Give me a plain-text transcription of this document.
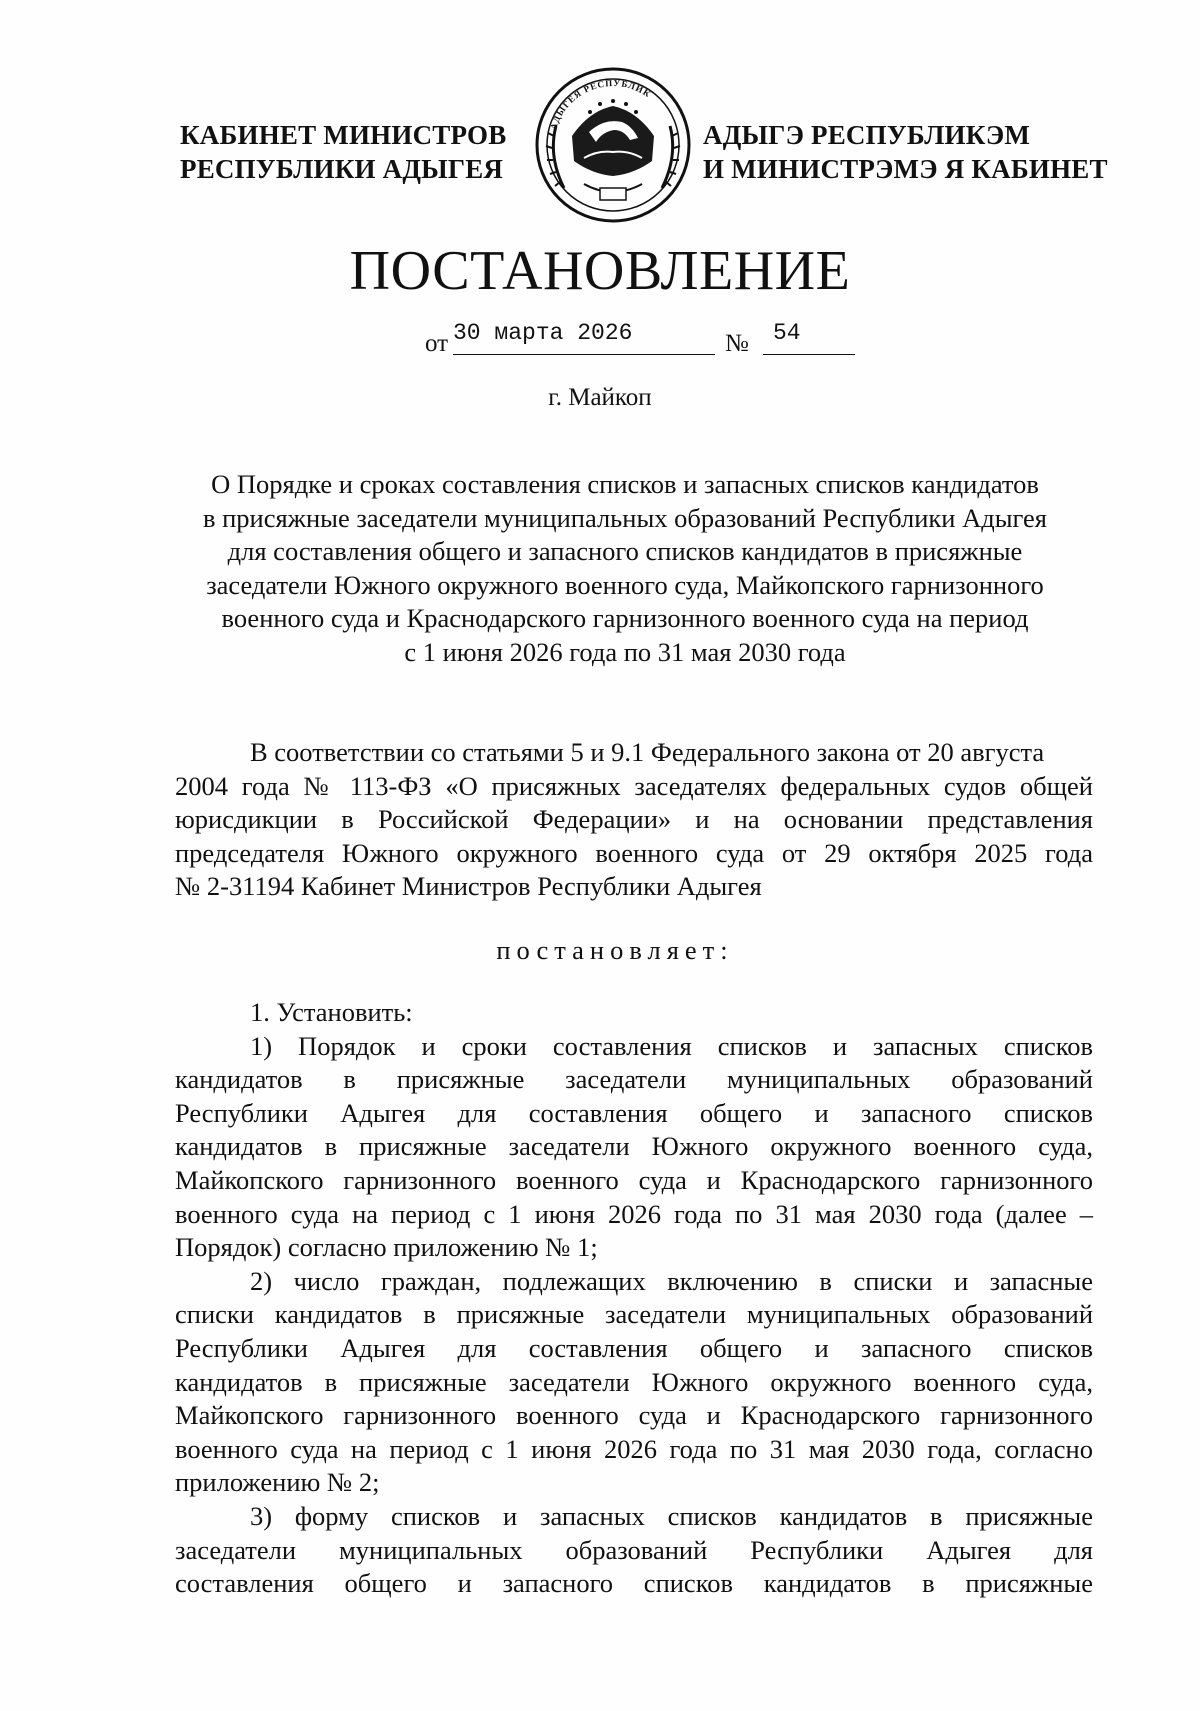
КАБИНЕТ МИНИСТРОВ
РЕСПУБЛИКИ АДЫГЕЯ
АДЫГЕЯ РЕСПУБЛИК
АДЫГЭ РЕСПУБЛИКЭМ
И МИНИСТРЭМЭ Я КАБИНЕТ
ПОСТАНОВЛЕНИЕ
от 30 марта 2026	№ 54
г. Майкоп
О Порядке и сроках составления списков и запасных списков кандидатов
в присяжные заседатели муниципальных образований Республики Адыгея
для составления общего и запасного списков кандидатов в присяжные
заседатели Южного окружного военного суда, Майкопского гарнизонного
военного суда и Краснодарского гарнизонного военного суда на период
с 1 июня 2026 года по 31 мая 2030 года
В соответствии со статьями 5 и 9.1 Федерального закона от 20 августа
2004 года № 113-ФЗ «О присяжных заседателях федеральных судов общей
юрисдикции в Российской Федерации» и на основании представления
председателя Южного окружного военного суда от 29 октября 2025 года
№ 2-31194 Кабинет Министров Республики Адыгея
постановляет:
1. Установить:
1) Порядок и сроки составления списков и запасных списков
кандидатов в присяжные заседатели муниципальных образований
Республики Адыгея для составления общего и запасного списков
кандидатов в присяжные заседатели Южного окружного военного суда,
Майкопского гарнизонного военного суда и Краснодарского гарнизонного
военного суда на период с 1 июня 2026 года по 31 мая 2030 года (далее –
Порядок) согласно приложению № 1;
2) число граждан, подлежащих включению в списки и запасные
списки кандидатов в присяжные заседатели муниципальных образований
Республики Адыгея для составления общего и запасного списков
кандидатов в присяжные заседатели Южного окружного военного суда,
Майкопского гарнизонного военного суда и Краснодарского гарнизонного
военного суда на период с 1 июня 2026 года по 31 мая 2030 года, согласно
приложению № 2;
3) форму списков и запасных списков кандидатов в присяжные
заседатели муниципальных образований Республики Адыгея для
составления общего и запасного списков кандидатов в присяжные
